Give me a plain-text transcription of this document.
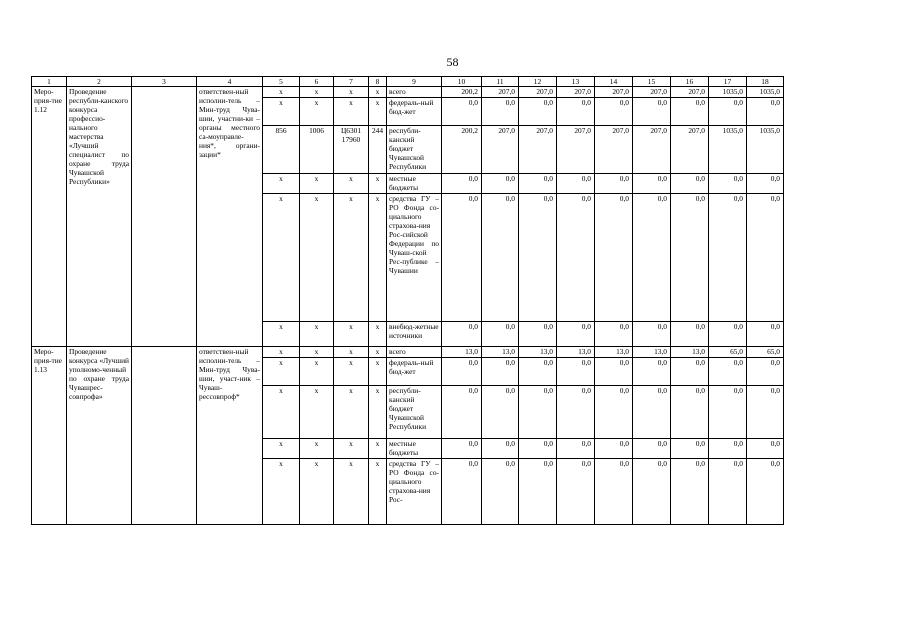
58
1	2	3	4	5	6	7	8	9	10	11	12	13	14	15	16	17	18
Меро-прия-тие 1.12	Проведение республи-канского конкурса профессио-нального мастерства «Лучший специалист по охране труда Чувашской Республики»		ответствен-ный исполни-тель – Мин-труд Чува-шии, участни-ки – органы местного са-моуправле-ния*, органи-зации*	x	x	x	x	всего	200,2	207,0	207,0	207,0	207,0	207,0	207,0	1035,0	1035,0
				x	x	x	x	федераль-ный бюд-жет	0,0	0,0	0,0	0,0	0,0	0,0	0,0	0,0	0,0
				856	1006	Ц6301 17960	244	республи-канский бюджет Чувашской Республики	200,2	207,0	207,0	207,0	207,0	207,0	207,0	1035,0	1035,0
				x	x	x	x	местные бюджеты	0,0	0,0	0,0	0,0	0,0	0,0	0,0	0,0	0,0
				x	x	x	x	средства ГУ – РО Фонда со-циального страхова-ния Рос-сийской Федерации по Чуваш-ской Рес-публике – Чувашии	0,0	0,0	0,0	0,0	0,0	0,0	0,0	0,0	0,0
				x	x	x	x	внебюд-жетные источники	0,0	0,0	0,0	0,0	0,0	0,0	0,0	0,0	0,0
Меро-прия-тие 1.13	Проведение конкурса «Лучший уполномо-ченный по охране труда Чувашрес-совпрофа»		ответствен-ный исполни-тель – Мин-труд Чува-шии, участ-ник – Чуваш-рессовпроф*	x	x	x	x	всего	13,0	13,0	13,0	13,0	13,0	13,0	13,0	65,0	65,0
				x	x	x	x	федераль-ный бюд-жет	0,0	0,0	0,0	0,0	0,0	0,0	0,0	0,0	0,0
				x	x	x	x	республи-канский бюджет Чувашской Республики	0,0	0,0	0,0	0,0	0,0	0,0	0,0	0,0	0,0
				x	x	x	x	местные бюджеты	0,0	0,0	0,0	0,0	0,0	0,0	0,0	0,0	0,0
				x	x	x	x	средства ГУ – РО Фонда со-циального страхова-ния Рос-	0,0	0,0	0,0	0,0	0,0	0,0	0,0	0,0	0,0
